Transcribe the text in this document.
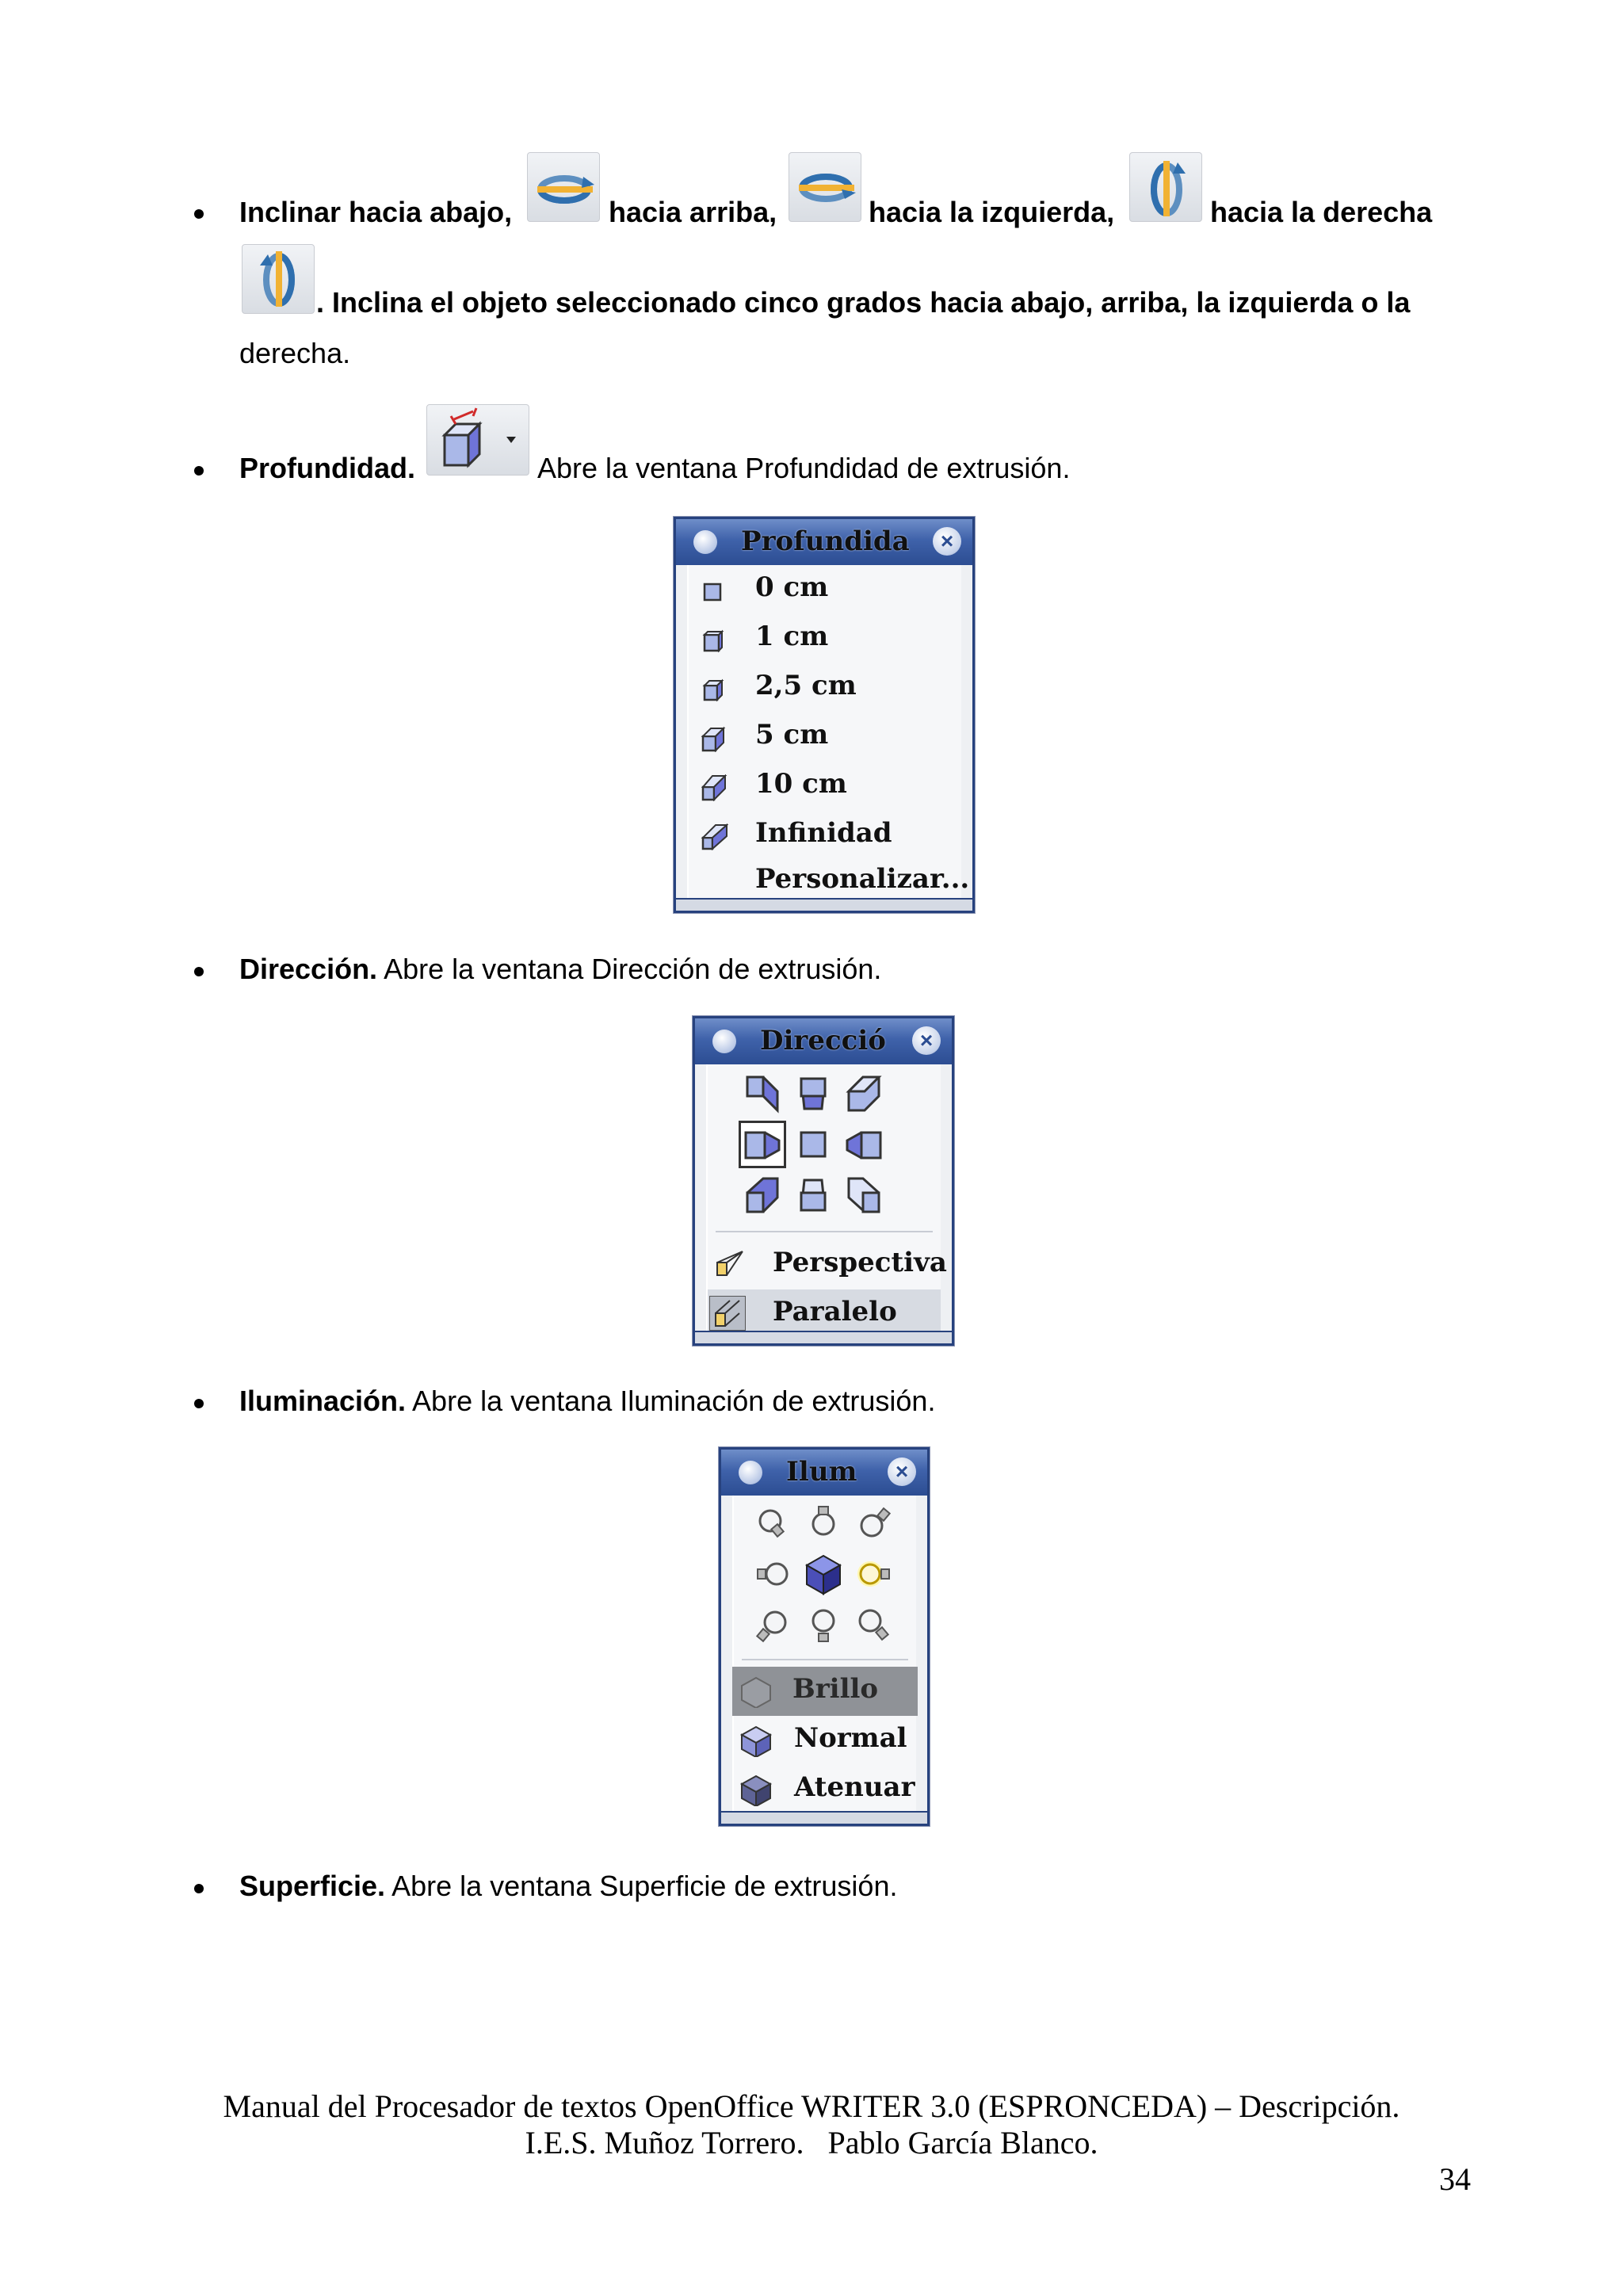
Inclinar hacia abajo,	hacia arriba,	hacia la izquierda,	hacia la derecha
. Inclina el objeto seleccionado cinco grados hacia abajo, arriba, la izquierda o la
derecha.
Profundidad.	Abre la ventana Profundidad de extrusión.
Profundida	×
0 cm
1 cm
2,5 cm
5 cm
10 cm
Infinidad
Personalizar...
Dirección. Abre la ventana Dirección de extrusión.
Direcció	×
Perspectiva
Paralelo
Iluminación. Abre la ventana Iluminación de extrusión.
Ilum	×
Brillo
Normal
Atenuar
Superficie. Abre la ventana Superficie de extrusión.
Manual del Procesador de textos OpenOffice WRITER 3.0 (ESPRONCEDA) – Descripción.
I.E.S. Muñoz Torrero.   Pablo García Blanco.
34
